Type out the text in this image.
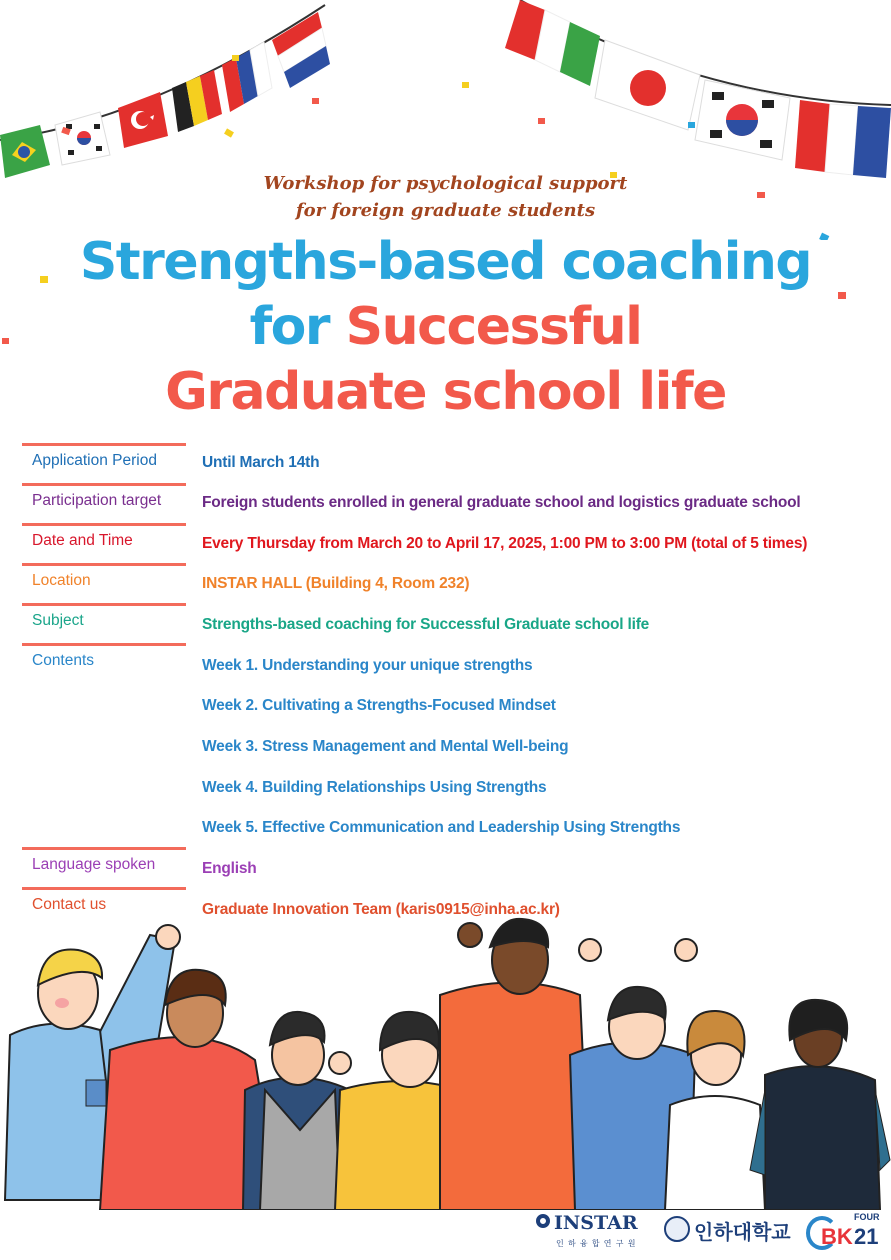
Workshop for psychological support
for foreign graduate students
Strengths-based coaching
for Successful
Graduate school life
Application Period
Participation target
Date and Time
Location
Subject
Contents
Language spoken
Contact us
Until March 14th
Foreign students enrolled in general graduate school and logistics graduate school
Every Thursday from March 20 to April 17, 2025, 1:00 PM to 3:00 PM (total of 5 times)
INSTAR HALL (Building 4, Room 232)
Strengths-based coaching for Successful Graduate school life
Week 1. Understanding your unique strengths
Week 2. Cultivating a Strengths-Focused Mindset
Week 3. Stress Management and Mental Well-being
Week 4. Building Relationships Using Strengths
Week 5. Effective Communication and Leadership Using Strengths
English
Graduate Innovation Team (karis0915@inha.ac.kr)
INSTAR
인 하 융 합 연 구 원	인하대학교
FOUR
BK 21
